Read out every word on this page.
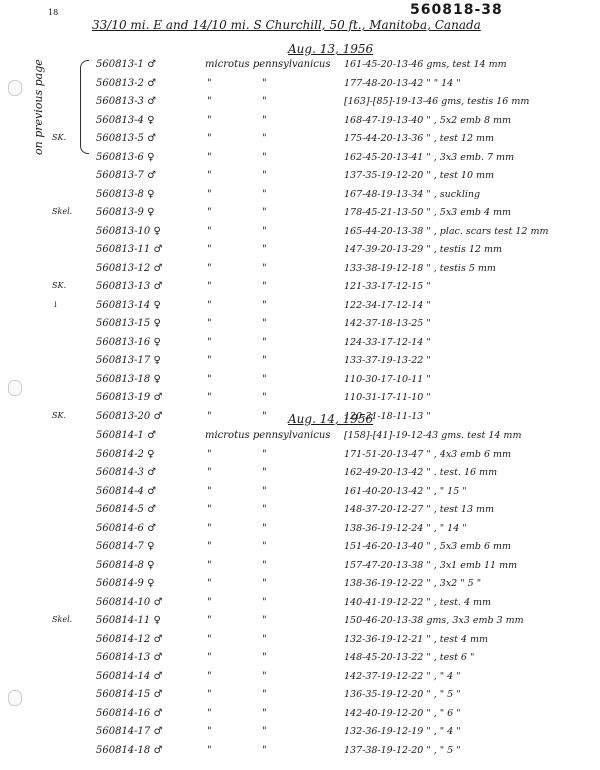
18	560818-38
33/10 mi. E and 14/10 mi. S Churchill, 50 ft., Manitoba, Canada
Aug. 13, 1956
on previous page	560813-1 ♂	microtus pennsylvanicus 161-45-20-13-46 gms, test 14 mm
560813-2 ♂	"	"	177-48-20-13-42 " " 14 "
560813-3 ♂	"	"	[163]-[85]-19-13-46 gms, testis 16 mm
560813-4 ♀	"	"	168-47-19-13-40 " , 5x2 emb 8 mm
SK.	560813-5 ♂	"	"	175-44-20-13-36 " , test 12 mm
560813-6 ♀	"	"	162-45-20-13-41 " , 3x3 emb. 7 mm
560813-7 ♂	"	"	137-35-19-12-20 " , test 10 mm
560813-8 ♀	"	"	167-48-19-13-34 " , suckling
Skel. 560813-9 ♀	"	"	178-45-21-13-50 " , 5x3 emb 4 mm
560813-10 ♀	"	"	165-44-20-13-38 " , plac. scars test 12 mm
560813-11 ♂	"	"	147-39-20-13-29 " , testis 12 mm
560813-12 ♂	"	"	133-38-19-12-18 " , testis 5 mm
SK.	560813-13 ♂	"	"	121-33-17-12-15 "
↓	560813-14 ♀	"	"	122-34-17-12-14 "
560813-15 ♀	"	"	142-37-18-13-25 "
560813-16 ♀	"	"	124-33-17-12-14 "
560813-17 ♀	"	"	133-37-19-13-22 "
560813-18 ♀	"	"	110-30-17-10-11 "
560813-19 ♂	"	"	110-31-17-11-10 "
SK.	560813-20 ♂	"	"	120-31-18-11-13 "
Aug. 14, 1956
560814-1 ♂	microtus pennsylvanicus [158]-[41]-19-12-43 gms. test 14 mm
560814-2 ♀	"	"	171-51-20-13-47 " , 4x3 emb 6 mm
560814-3 ♂	"	"	162-49-20-13-42 " . test. 16 mm
560814-4 ♂	"	"	161-40-20-13-42 " , " 15 "
560814-5 ♂	"	"	148-37-20-12-27 " , test 13 mm
560814-6 ♂	"	"	138-36-19-12-24 " , " 14 "
560814-7 ♀	"	"	151-46-20-13-40 " , 5x3 emb 6 mm
560814-8 ♀	"	"	157-47-20-13-38 " , 3x1 emb 11 mm
560814-9 ♀	"	"	138-36-19-12-22 " , 3x2 " 5 "
560814-10 ♂	"	"	140-41-19-12-22 " , test. 4 mm
Skel. 560814-11 ♀	"	"	150-46-20-13-38 gms, 3x3 emb 3 mm
560814-12 ♂	"	"	132-36-19-12-21 " , test 4 mm
560814-13 ♂	"	"	148-45-20-13-22 " , test 6 "
560814-14 ♂	"	"	142-37-19-12-22 " , " 4 "
560814-15 ♂	"	"	136-35-19-12-20 " , " 5 "
560814-16 ♂	"	"	142-40-19-12-20 " , " 6 "
560814-17 ♂	"	"	132-36-19-12-19 " , " 4 "
560814-18 ♂	"	"	137-38-19-12-20 " , " 5 "
